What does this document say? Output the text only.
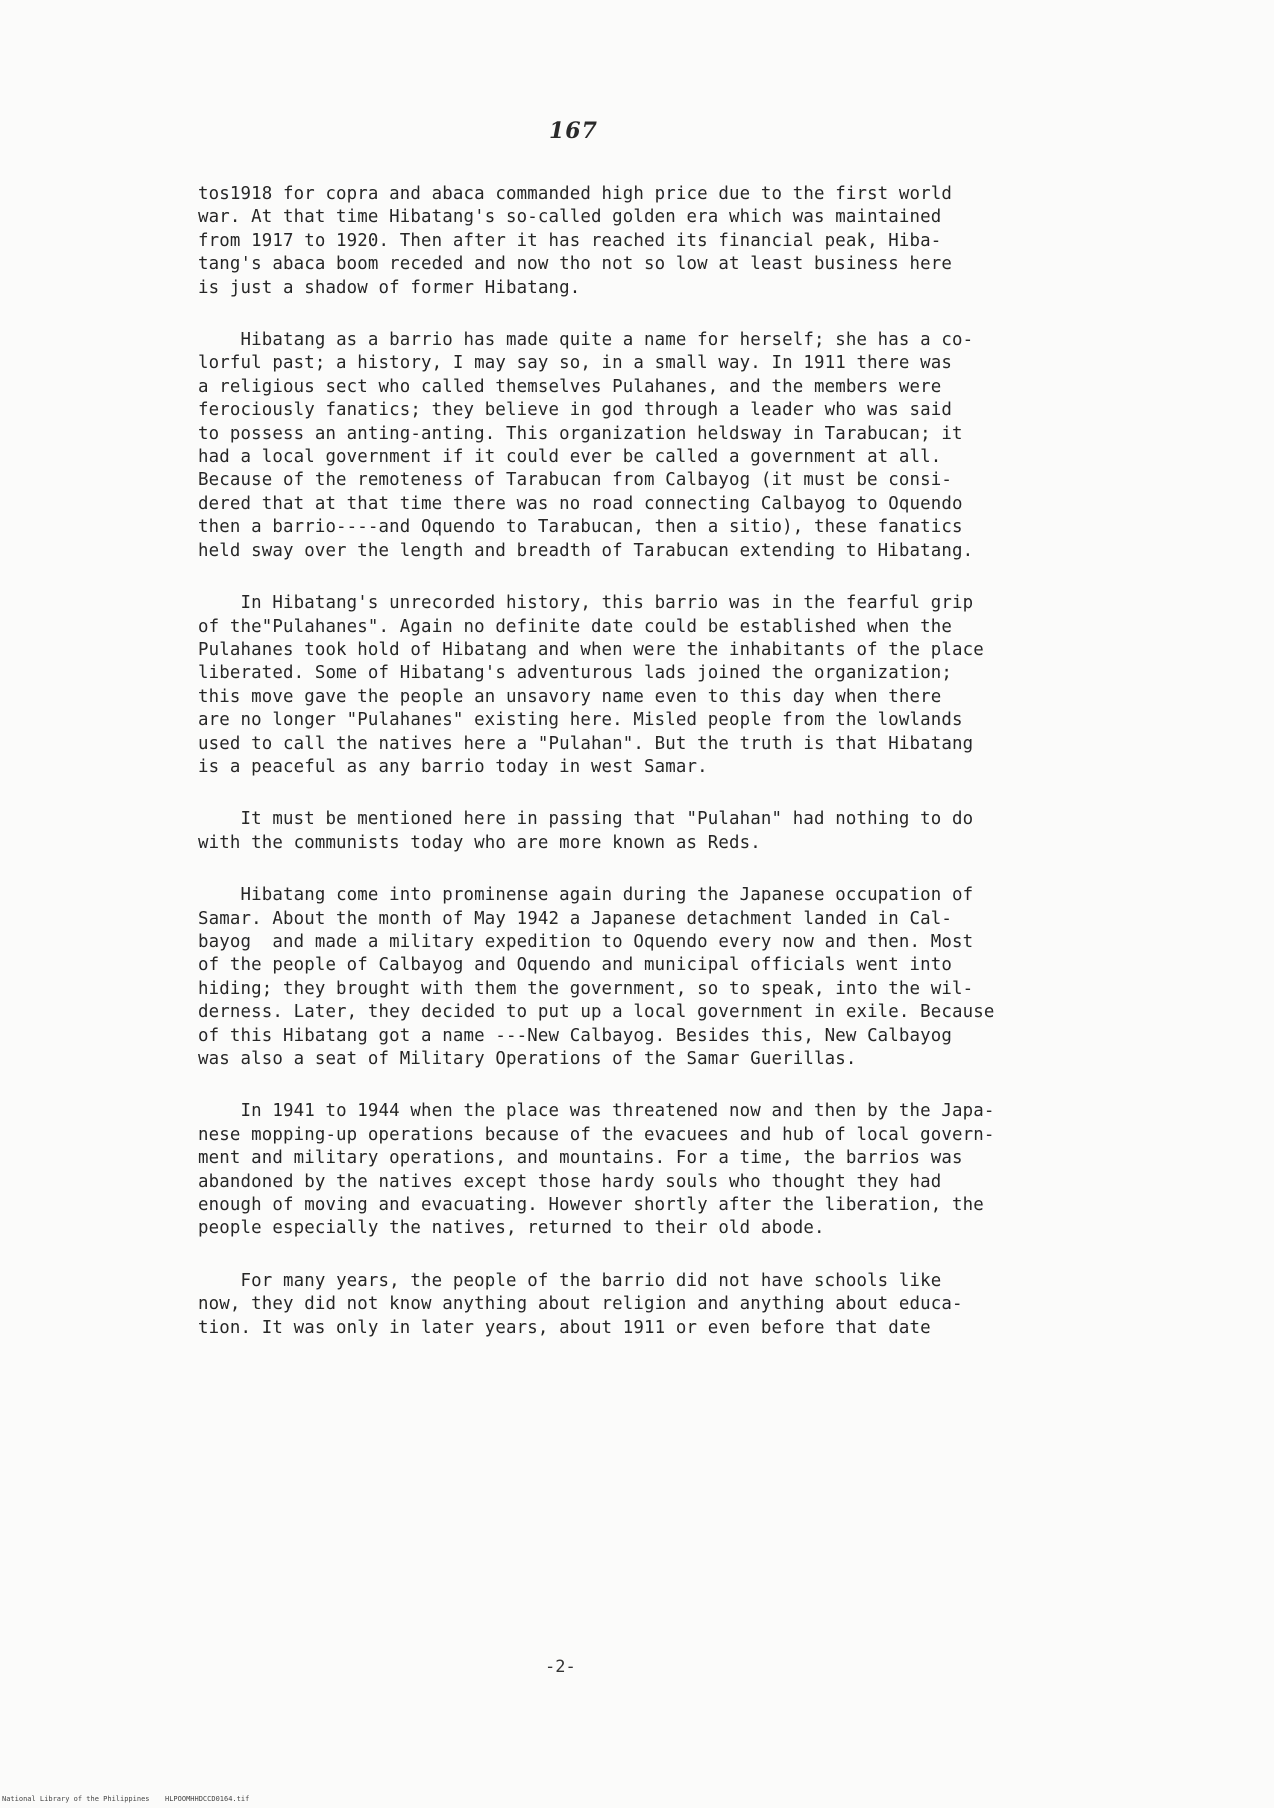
167

tos1918 for copra and abaca commanded high price due to the first world
war. At that time Hibatang's so-called golden era which was maintained
from 1917 to 1920. Then after it has reached its financial peak, Hiba-
tang's abaca boom receded and now tho not so low at least business here
is just a shadow of former Hibatang.

Hibatang as a barrio has made quite a name for herself; she has a co-
lorful past; a history, I may say so, in a small way. In 1911 there was
a religious sect who called themselves Pulahanes, and the members were
ferociously fanatics; they believe in god through a leader who was said
to possess an anting-anting. This organization heldsway in Tarabucan; it
had a local government if it could ever be called a government at all.
Because of the remoteness of Tarabucan from Calbayog (it must be consi-
dered that at that time there was no road connecting Calbayog to Oquendo
then a barrio----and Oquendo to Tarabucan, then a sitio), these fanatics
held sway over the length and breadth of Tarabucan extending to Hibatang.

In Hibatang's unrecorded history, this barrio was in the fearful grip
of the"Pulahanes". Again no definite date could be established when the
Pulahanes took hold of Hibatang and when were the inhabitants of the place
liberated. Some of Hibatang's adventurous lads joined the organization;
this move gave the people an unsavory name even to this day when there
are no longer "Pulahanes" existing here. Misled people from the lowlands
used to call the natives here a "Pulahan". But the truth is that Hibatang
is a peaceful as any barrio today in west Samar.

It must be mentioned here in passing that "Pulahan" had nothing to do
with the communists today who are more known as Reds.

Hibatang come into prominense again during the Japanese occupation of
Samar. About the month of May 1942 a Japanese detachment landed in Cal-
bayog  and made a military expedition to Oquendo every now and then. Most
of the people of Calbayog and Oquendo and municipal officials went into
hiding; they brought with them the government, so to speak, into the wil-
derness. Later, they decided to put up a local government in exile. Because
of this Hibatang got a name ---New Calbayog. Besides this, New Calbayog
was also a seat of Military Operations of the Samar Guerillas.

In 1941 to 1944 when the place was threatened now and then by the Japa-
nese mopping-up operations because of the evacuees and hub of local govern-
ment and military operations, and mountains. For a time, the barrios was
abandoned by the natives except those hardy souls who thought they had
enough of moving and evacuating. However shortly after the liberation, the
people especially the natives, returned to their old abode.

For many years, the people of the barrio did not have schools like
now, they did not know anything about religion and anything about educa-
tion. It was only in later years, about 1911 or even before that date

-2-
National Library of the Philippines HLPOOMHHDCCD0164.tif
